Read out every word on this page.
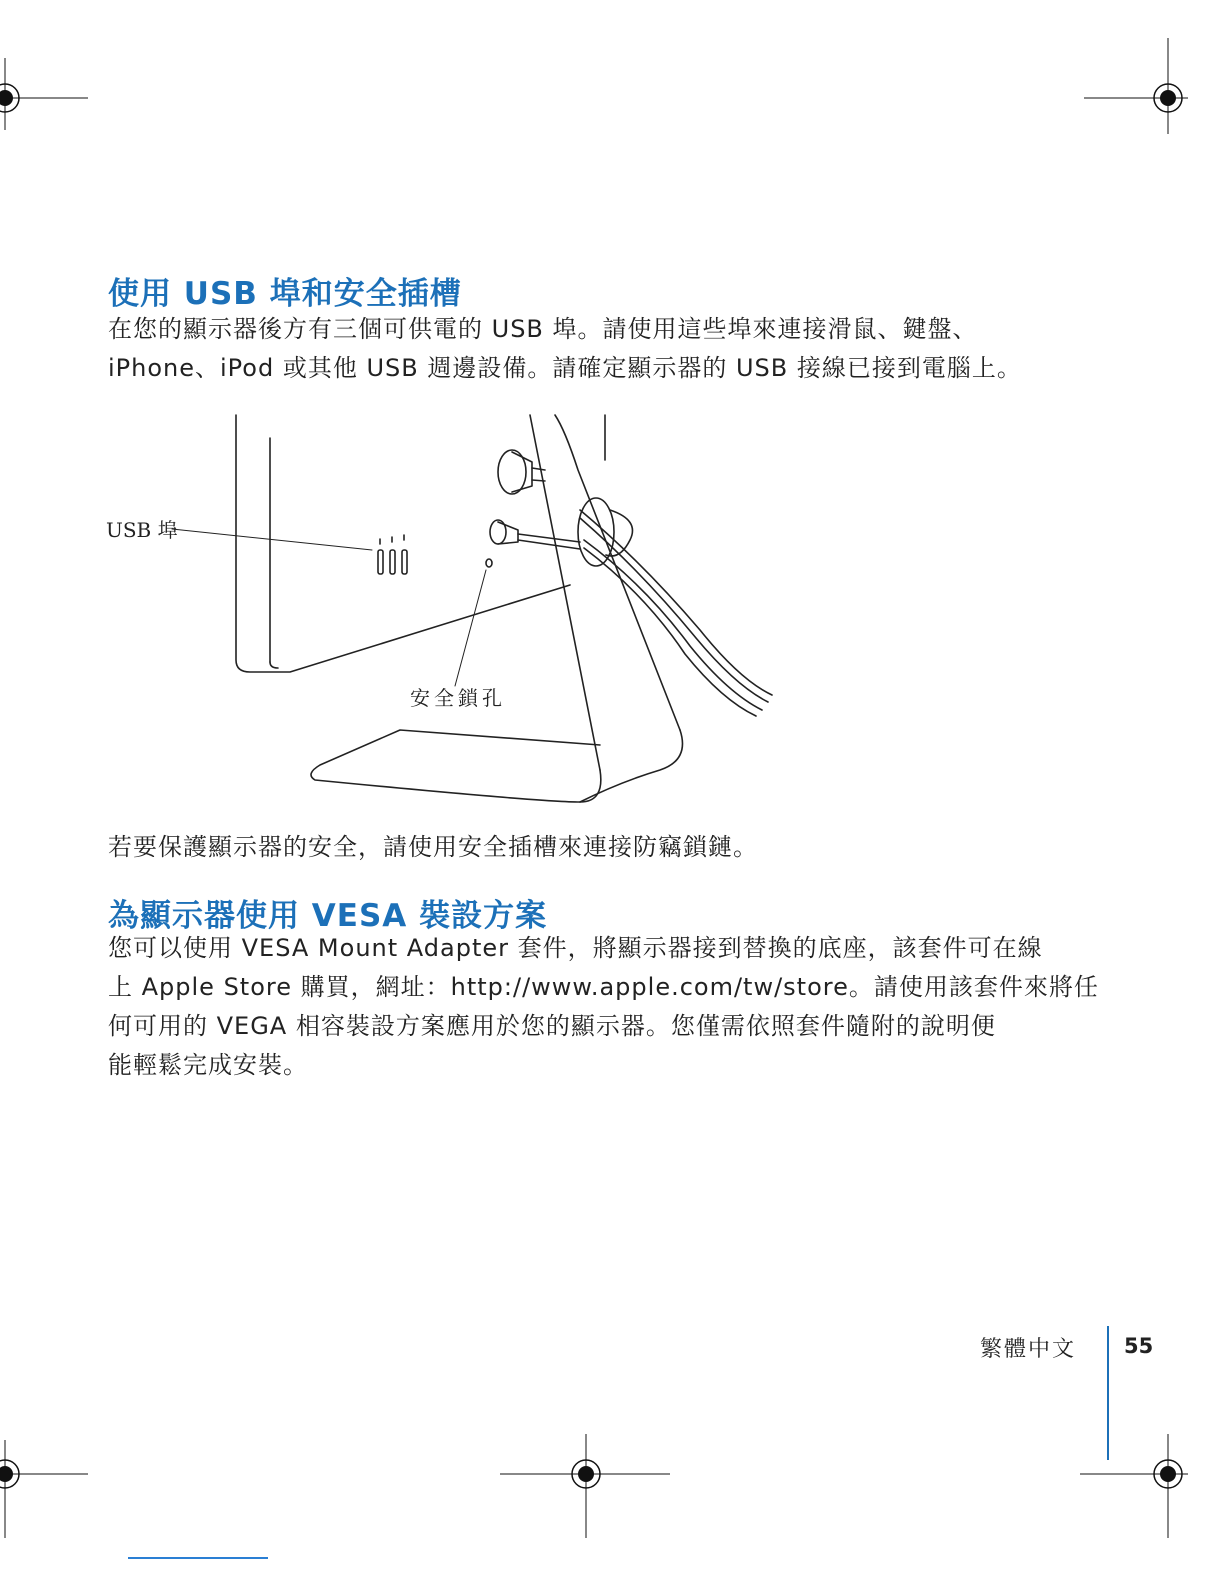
使用 USB 埠和安全插槽

在您的顯示器後方有三個可供電的 USB 埠。請使用這些埠來連接滑鼠、鍵盤、

iPhone、iPod 或其他 USB 週邊設備。請確定顯示器的 USB 接線已接到電腦上。

USB 埠
安全鎖孔

若要保護顯示器的安全，請使用安全插槽來連接防竊鎖鏈。

為顯示器使用 VESA 裝設方案

您可以使用 VESA Mount Adapter 套件，將顯示器接到替換的底座，該套件可在線

上 Apple Store 購買，網址：http://www.apple.com/tw/store。請使用該套件來將任

何可用的 VEGA 相容裝設方案應用於您的顯示器。您僅需依照套件隨附的說明便

能輕鬆完成安裝。

繁體中文 55
